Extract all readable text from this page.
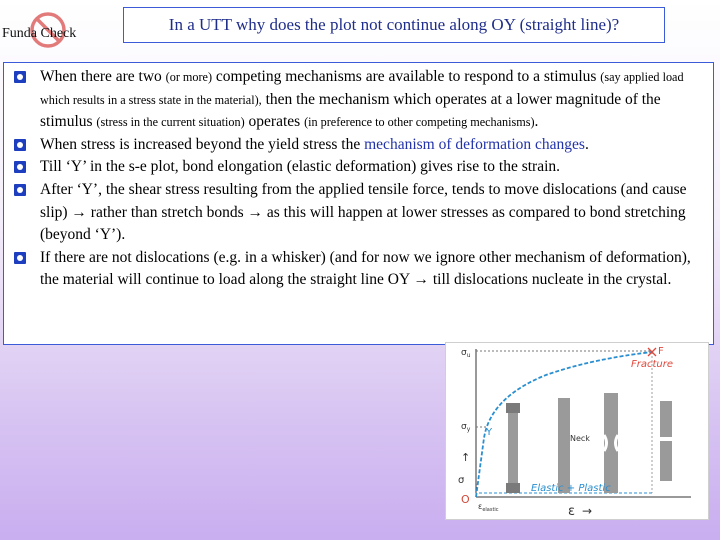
Funda Check	In a UTT why does the plot not continue along OY (straight line)?
When there are two (or more) competing mechanisms are available to respond to a stimulus (say applied load which results in a stress state in the material), then the mechanism which operates at a lower magnitude of the stimulus (stress in the current situation) operates (in preference to other competing mechanisms).
When stress is increased beyond the yield stress the mechanism of deformation changes.
Till ‘Y’ in the s-e plot, bond elongation (elastic deformation) gives rise to the strain.
After ‘Y’, the shear stress resulting from the applied tensile force, tends to move dislocations (and cause slip) → rather than stretch bonds → as this will happen at lower stresses as compared to bond stretching (beyond ‘Y’).
If there are not dislocations (e.g. in a whisker) (and for now we ignore other mechanism of deformation), the material will continue to load along the straight line OY → till dislocations nucleate in the crystal.
$\sigma_u$	F
Fracture
$\sigma_y$ Y
σ
↑
O
Neck
Elastic + Plastic
$\varepsilon_{elastic}$	ε →
